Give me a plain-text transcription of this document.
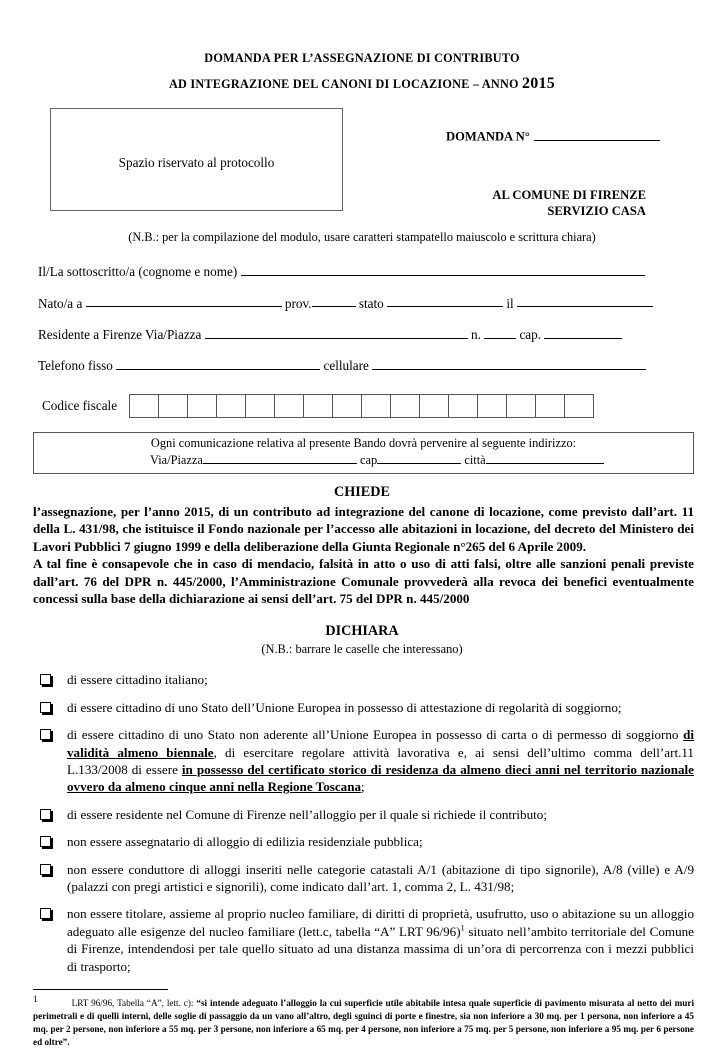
DOMANDA PER L’ASSEGNAZIONE DI CONTRIBUTO
AD INTEGRAZIONE DEL CANONI DI LOCAZIONE – ANNO 2015
Spazio riservato al protocollo
DOMANDA N°
AL COMUNE DI FIRENZE
SERVIZIO CASA
(N.B.: per la compilazione del modulo, usare caratteri stampatello maiuscolo e scrittura chiara)
Il/La sottoscritto/a (cognome e nome)
Nato/a a	prov.	stato	il
Residente a Firenze Via/Piazza	n.	cap.
Telefono fisso	cellulare
Codice fiscale
Ogni comunicazione relativa al presente Bando dovrà pervenire al seguente indirizzo:
Via/Piazza	cap	città
CHIEDE

l’assegnazione, per l’anno 2015, di un contributo ad integrazione del canone di locazione, come previsto dall’art. 11 della L. 431/98, che istituisce il Fondo nazionale per l’accesso alle abitazioni in locazione, del decreto del Ministero dei Lavori Pubblici 7 giugno 1999 e della deliberazione della Giunta Regionale n°265 del 6 Aprile 2009.

A tal fine è consapevole che in caso di mendacio, falsità in atto o uso di atti falsi, oltre alle sanzioni penali previste dall’art. 76 del DPR n. 445/2000, l’Amministrazione Comunale provvederà alla revoca dei benefici eventualmente concessi sulla base della dichiarazione ai sensi dell’art. 75 del DPR n. 445/2000

DICHIARA
(N.B.: barrare le caselle che interessano)
di essere cittadino italiano;
di essere cittadino di uno Stato dell’Unione Europea in possesso di attestazione di regolarità di soggiorno;
di essere cittadino di uno Stato non aderente all’Unione Europea in possesso di carta o di permesso di soggiorno di validità almeno biennale, di esercitare regolare attività lavorativa e, ai sensi dell’ultimo comma dell’art.11 L.133/2008 di essere in possesso del certificato storico di residenza da almeno dieci anni nel territorio nazionale ovvero da almeno cinque anni nella Regione Toscana;
di essere residente nel Comune di Firenze nell’alloggio per il quale si richiede il contributo;
non essere assegnatario di alloggio di edilizia residenziale pubblica;
non essere conduttore di alloggi inseriti nelle categorie catastali A/1 (abitazione di tipo signorile), A/8 (ville) e A/9 (palazzi con pregi artistici e signorili), come indicato dall’art. 1, comma 2, L. 431/98;
non essere titolare, assieme al proprio nucleo familiare, di diritti di proprietà, usufrutto, uso o abitazione su un alloggio adeguato alle esigenze del nucleo familiare (lett.c, tabella “A” LRT 96/96)$^1$ situato nell’ambito territoriale del Comune di Firenze, intendendosi per tale quello situato ad una distanza massima di un’ora di percorrenza con i mezzi pubblici di trasporto;
1	LRT 96/96, Tabella “A”, lett. c): “si intende adeguato l’alloggio la cui superficie utile abitabile intesa quale superficie di pavimento misurata al netto dei muri perimetrali e di quelli interni, delle soglie di passaggio da un vano all’altro, degli sguinci di porte e finestre, sia non inferiore a 30 mq. per 1 persona, non inferiore a 45 mq. per 2 persone, non inferiore a 55 mq. per 3 persone, non inferiore a 65 mq. per 4 persone, non inferiore a 75 mq. per 5 persone, non inferiore a 95 mq. per 6 persone ed oltre”.
